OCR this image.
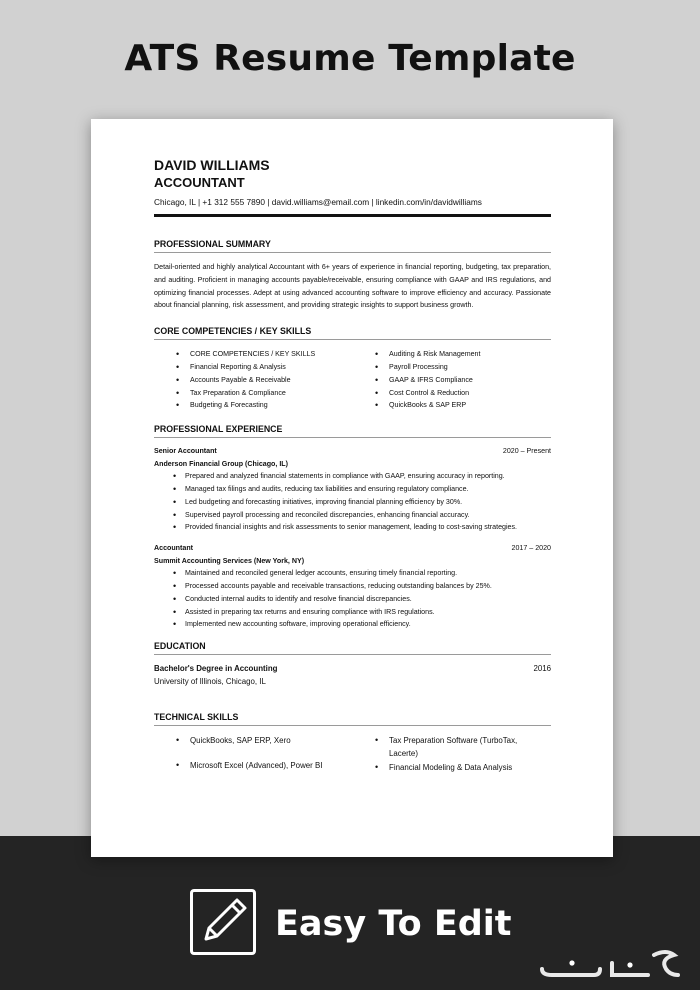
ATS Resume Template
DAVID WILLIAMS
ACCOUNTANT
Chicago, IL | +1 312 555 7890 | david.williams@email.com | linkedin.com/in/davidwilliams
PROFESSIONAL SUMMARY
Detail-oriented and highly analytical Accountant with 6+ years of experience in financial reporting, budgeting, tax preparation, and auditing. Proficient in managing accounts payable/receivable, ensuring compliance with GAAP and IRS regulations, and optimizing financial processes. Adept at using advanced accounting software to improve efficiency and accuracy. Passionate about financial planning, risk assessment, and providing strategic insights to support business growth.
CORE COMPETENCIES / KEY SKILLS
• CORE COMPETENCIES / KEY SKILLS
• Financial Reporting & Analysis
• Accounts Payable & Receivable
• Tax Preparation & Compliance
• Budgeting & Forecasting
• Auditing & Risk Management
• Payroll Processing
• GAAP & IFRS Compliance
• Cost Control & Reduction
• QuickBooks & SAP ERP
PROFESSIONAL EXPERIENCE
Senior Accountant	2020 – Present
Anderson Financial Group (Chicago, IL)
• Prepared and analyzed financial statements in compliance with GAAP, ensuring accuracy in reporting.
• Managed tax filings and audits, reducing tax liabilities and ensuring regulatory compliance.
• Led budgeting and forecasting initiatives, improving financial planning efficiency by 30%.
• Supervised payroll processing and reconciled discrepancies, enhancing financial accuracy.
• Provided financial insights and risk assessments to senior management, leading to cost-saving strategies.
Accountant	2017 – 2020
Summit Accounting Services (New York, NY)
• Maintained and reconciled general ledger accounts, ensuring timely financial reporting.
• Processed accounts payable and receivable transactions, reducing outstanding balances by 25%.
• Conducted internal audits to identify and resolve financial discrepancies.
• Assisted in preparing tax returns and ensuring compliance with IRS regulations.
• Implemented new accounting software, improving operational efficiency.
EDUCATION
Bachelor's Degree in Accounting	2016
University of Illinois, Chicago, IL
TECHNICAL SKILLS
• QuickBooks, SAP ERP, Xero
• Microsoft Excel (Advanced), Power BI
• Tax Preparation Software (TurboTax, Lacerte)
• Financial Modeling & Data Analysis
Easy To Edit
